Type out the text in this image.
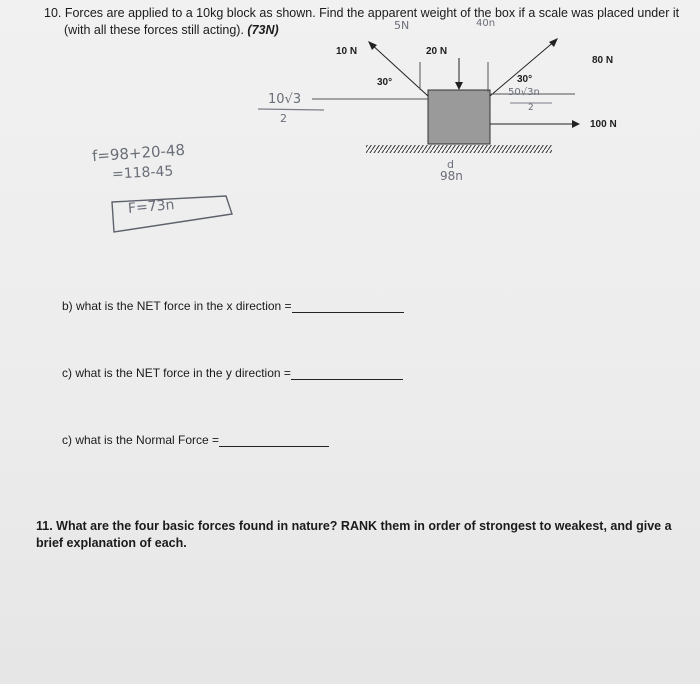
10. Forces are applied to a 10kg block as shown. Find the apparent weight of the box if a scale was placed under it
(with all these forces still acting). (73N)
10 N	20 N
80 N
100 N
30°	30°
5N	40n
10√3
2
50√3n
2
d
98n
f=98+20-48
=118-45
F=73n
b) what is the NET force in the x direction =
c) what is the NET force in the y direction =
c) what is the Normal Force =
11. What are the four basic forces found in nature? RANK them in order of strongest to weakest, and give a brief explanation of each.
